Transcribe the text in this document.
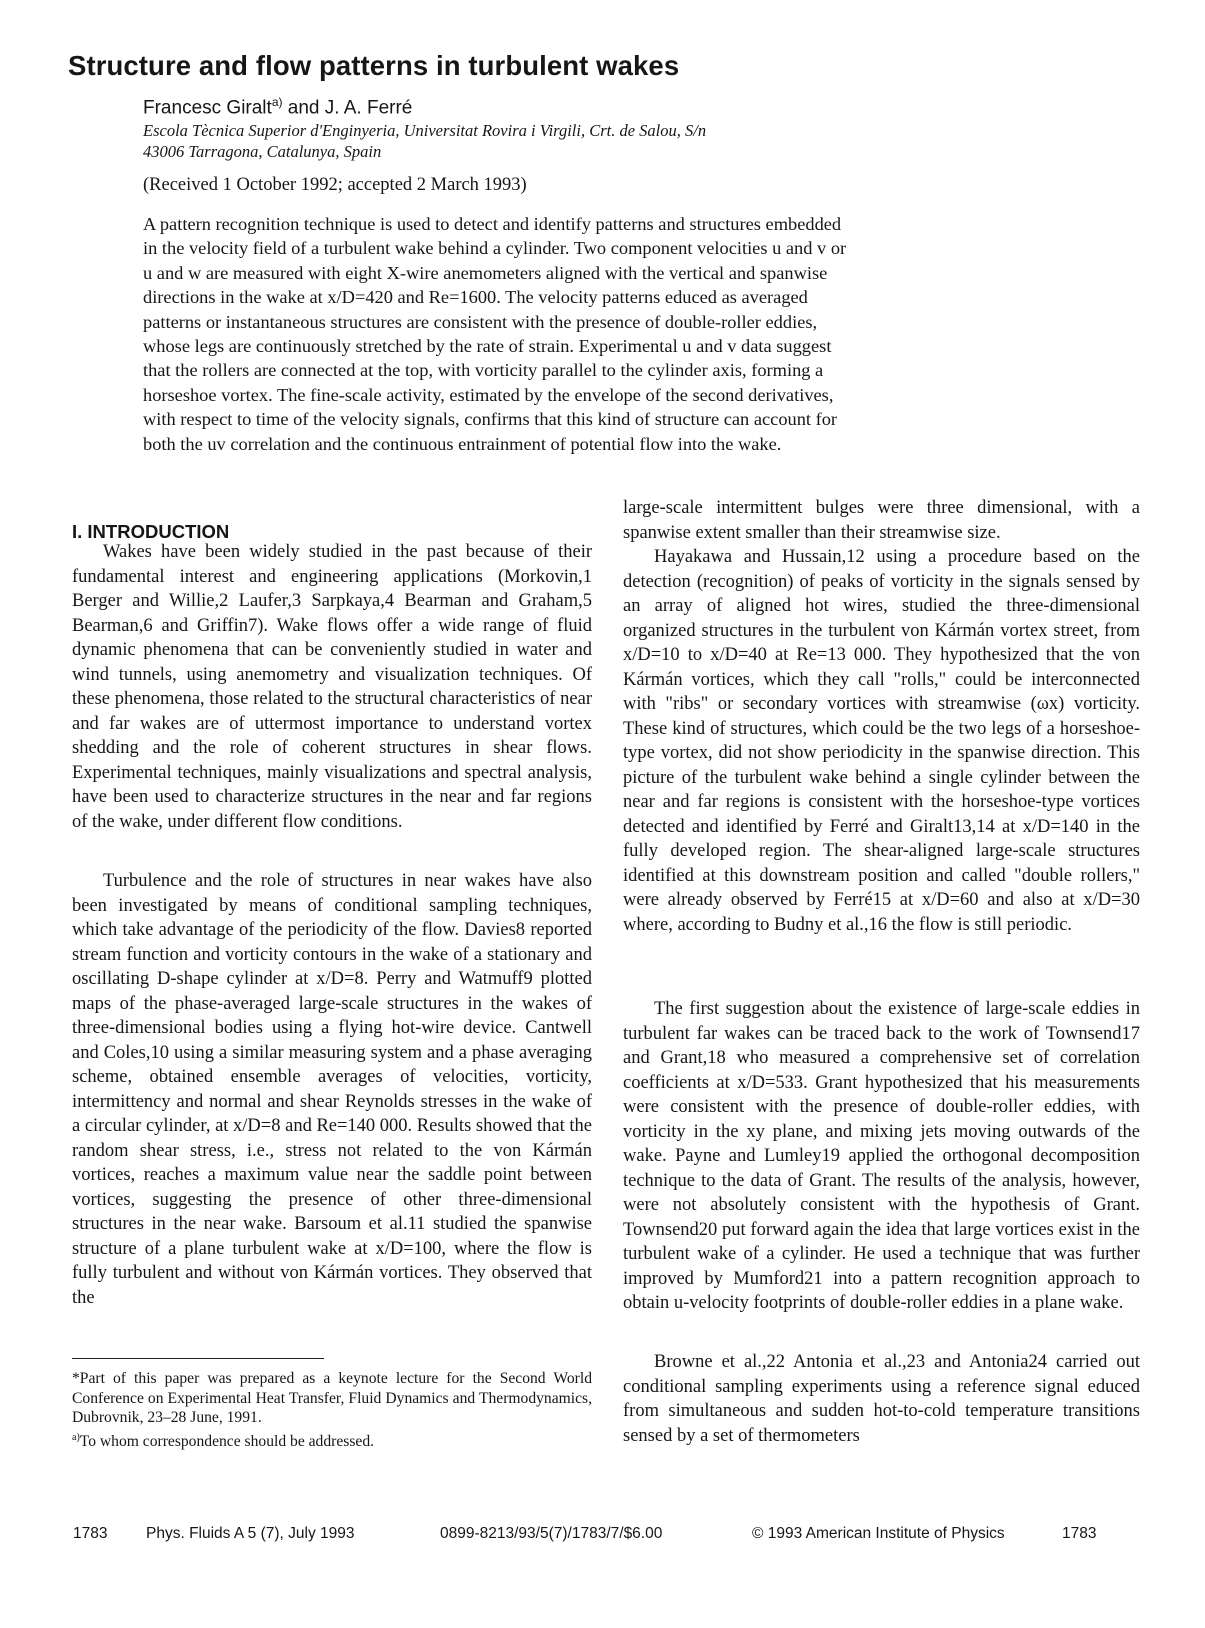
Structure and flow patterns in turbulent wakes
Francesc Giralt$^{a)}$ and J. A. Ferré
Escola Tècnica Superior d'Enginyeria, Universitat Rovira i Virgili, Crt. de Salou, S/n
43006 Tarragona, Catalunya, Spain
(Received 1 October 1992; accepted 2 March 1993)
A pattern recognition technique is used to detect and identify patterns and structures embedded
in the velocity field of a turbulent wake behind a cylinder. Two component velocities u and v or
u and w are measured with eight X-wire anemometers aligned with the vertical and spanwise
directions in the wake at x/D=420 and Re=1600. The velocity patterns educed as averaged
patterns or instantaneous structures are consistent with the presence of double-roller eddies,
whose legs are continuously stretched by the rate of strain. Experimental u and v data suggest
that the rollers are connected at the top, with vorticity parallel to the cylinder axis, forming a
horseshoe vortex. The fine-scale activity, estimated by the envelope of the second derivatives,
with respect to time of the velocity signals, confirms that this kind of structure can account for
both the uv correlation and the continuous entrainment of potential flow into the wake.
I. INTRODUCTION

Wakes have been widely studied in the past because of their fundamental interest and engineering applications (Morkovin,1 Berger and Willie,2 Laufer,3 Sarpkaya,4 Bearman and Graham,5 Bearman,6 and Griffin7). Wake flows offer a wide range of fluid dynamic phenomena that can be conveniently studied in water and wind tunnels, using anemometry and visualization techniques. Of these phenomena, those related to the structural characteristics of near and far wakes are of uttermost importance to understand vortex shedding and the role of coherent structures in shear flows. Experimental techniques, mainly visualizations and spectral analysis, have been used to characterize structures in the near and far regions of the wake, under different flow conditions.

Turbulence and the role of structures in near wakes have also been investigated by means of conditional sampling techniques, which take advantage of the periodicity of the flow. Davies8 reported stream function and vorticity contours in the wake of a stationary and oscillating D-shape cylinder at x/D=8. Perry and Watmuff9 plotted maps of the phase-averaged large-scale structures in the wakes of three-dimensional bodies using a flying hot-wire device. Cantwell and Coles,10 using a similar measuring system and a phase averaging scheme, obtained ensemble averages of velocities, vorticity, intermittency and normal and shear Reynolds stresses in the wake of a circular cylinder, at x/D=8 and Re=140 000. Results showed that the random shear stress, i.e., stress not related to the von Kármán vortices, reaches a maximum value near the saddle point between vortices, suggesting the presence of other three-dimensional structures in the near wake. Barsoum et al.11 studied the spanwise structure of a plane turbulent wake at x/D=100, where the flow is fully turbulent and without von Kármán vortices. They observed that the

large-scale intermittent bulges were three dimensional, with a spanwise extent smaller than their streamwise size.

Hayakawa and Hussain,12 using a procedure based on the detection (recognition) of peaks of vorticity in the signals sensed by an array of aligned hot wires, studied the three-dimensional organized structures in the turbulent von Kármán vortex street, from x/D=10 to x/D=40 at Re=13 000. They hypothesized that the von Kármán vortices, which they call "rolls," could be interconnected with "ribs" or secondary vortices with streamwise (ωx) vorticity. These kind of structures, which could be the two legs of a horseshoe-type vortex, did not show periodicity in the spanwise direction. This picture of the turbulent wake behind a single cylinder between the near and far regions is consistent with the horseshoe-type vortices detected and identified by Ferré and Giralt13,14 at x/D=140 in the fully developed region. The shear-aligned large-scale structures identified at this downstream position and called "double rollers," were already observed by Ferré15 at x/D=60 and also at x/D=30 where, according to Budny et al.,16 the flow is still periodic.

The first suggestion about the existence of large-scale eddies in turbulent far wakes can be traced back to the work of Townsend17 and Grant,18 who measured a comprehensive set of correlation coefficients at x/D=533. Grant hypothesized that his measurements were consistent with the presence of double-roller eddies, with vorticity in the xy plane, and mixing jets moving outwards of the wake. Payne and Lumley19 applied the orthogonal decomposition technique to the data of Grant. The results of the analysis, however, were not absolutely consistent with the hypothesis of Grant. Townsend20 put forward again the idea that large vortices exist in the turbulent wake of a cylinder. He used a technique that was further improved by Mumford21 into a pattern recognition approach to obtain u-velocity footprints of double-roller eddies in a plane wake.

Browne et al.,22 Antonia et al.,23 and Antonia24 carried out conditional sampling experiments using a reference signal educed from simultaneous and sudden hot-to-cold temperature transitions sensed by a set of thermometers

*Part of this paper was prepared as a keynote lecture for the Second World Conference on Experimental Heat Transfer, Fluid Dynamics and Thermodynamics, Dubrovnik, 23–28 June, 1991.
$^{a)}$To whom correspondence should be addressed.
1783 Phys. Fluids A 5 (7), July 1993	0899-8213/93/5(7)/1783/7/$6.00	© 1993 American Institute of Physics	1783
